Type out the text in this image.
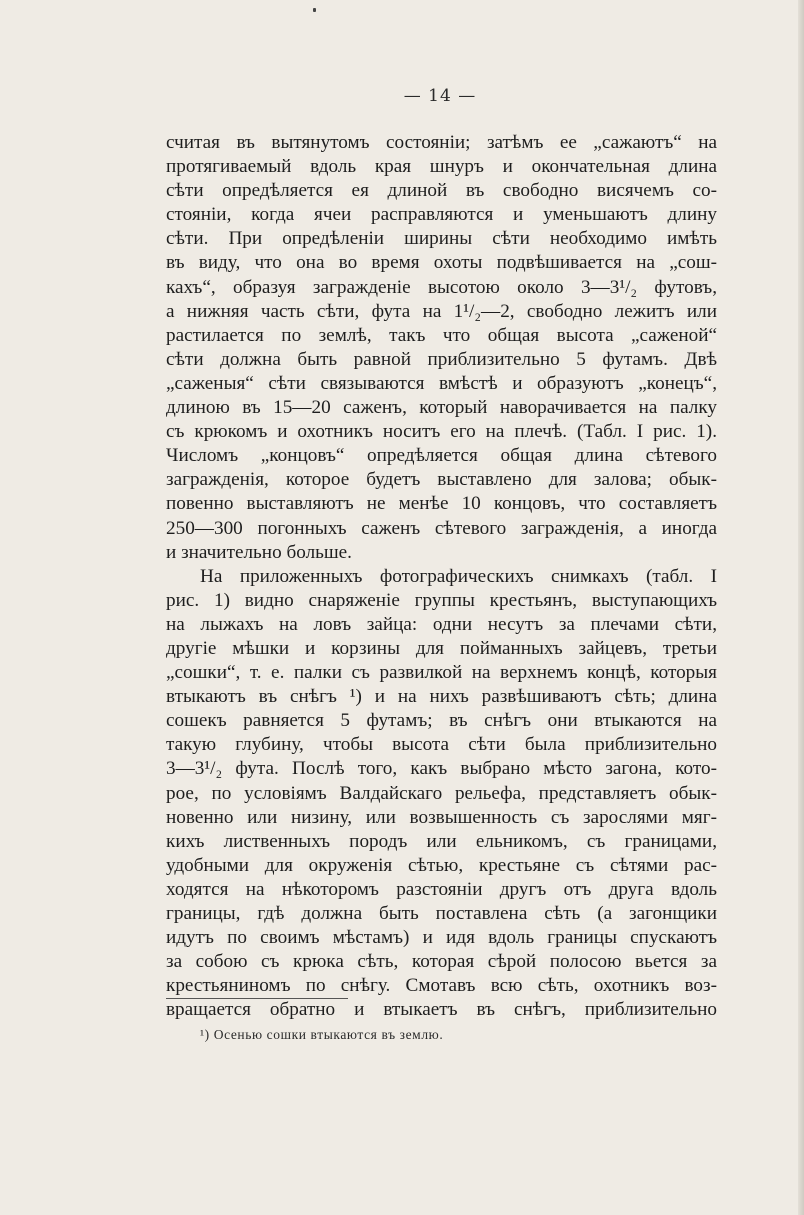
— 14 —
считая въ вытянутомъ состоянiи; затѣмъ ее „сажаютъ“ на
протягиваемый вдоль края шнуръ и окончательная длина
сѣти опредѣляется ея длиной въ свободно висячемъ со-
стоянiи, когда ячеи расправляются и уменьшаютъ длину
сѣти. При опредѣленiи ширины сѣти необходимо имѣть
въ виду, что она во время охоты подвѣшивается на „сош-
кахъ“, образуя загражденiе высотою около 3—3¹/₂ футовъ,
а нижняя часть сѣти, фута на 1¹/₂—2, свободно лежитъ или
растилается по землѣ, такъ что общая высота „саженой“
сѣти должна быть равной приблизительно 5 футамъ. Двѣ
„саженыя“ сѣти связываются вмѣстѣ и образуютъ „конецъ“,
длиною въ 15—20 саженъ, который наворачивается на палку
съ крюкомъ и охотникъ носитъ его на плечѣ. (Табл. I рис. 1).
Числомъ „концовъ“ опредѣляется общая длина сѣтевого
загражденiя, которое будетъ выставлено для залова; обык-
повенно выставляютъ не менѣе 10 концовъ, что составляетъ
250—300 погонныхъ саженъ сѣтевого загражденiя, а иногда
и значительно больше.
На приложенныхъ фотографическихъ снимкахъ (табл. I
рис. 1) видно снаряженiе группы крестьянъ, выступающихъ
на лыжахъ на ловъ зайца: одни несутъ за плечами сѣти,
другiе мѣшки и корзины для пойманныхъ зайцевъ, третьи
„сошки“, т. е. палки съ развилкой на верхнемъ концѣ, которыя
втыкаютъ въ снѣгъ ¹) и на нихъ развѣшиваютъ сѣть; длина
сошекъ равняется 5 футамъ; въ снѣгъ они втыкаются на
такую глубину, чтобы высота сѣти была приблизительно
3—3¹/₂ фута. Послѣ того, какъ выбрано мѣсто загона, кото-
рое, по условiямъ Валдайскаго рельефа, представляетъ обык-
новенно или низину, или возвышенность съ зарослями мяг-
кихъ лиственныхъ породъ или ельникомъ, съ границами,
удобными для окруженiя сѣтью, крестьяне съ сѣтями рас-
ходятся на нѣкоторомъ разстоянiи другъ отъ друга вдоль
границы, гдѣ должна быть поставлена сѣть (а загонщики
идутъ по своимъ мѣстамъ) и идя вдоль границы спускаютъ
за собою съ крюка сѣть, которая сѣрой полосою вьется за
крестьяниномъ по снѣгу. Смотавъ всю сѣть, охотникъ воз-
вращается обратно и втыкаетъ въ снѣгъ, приблизительно
¹) Осенью сошки втыкаются въ землю.
